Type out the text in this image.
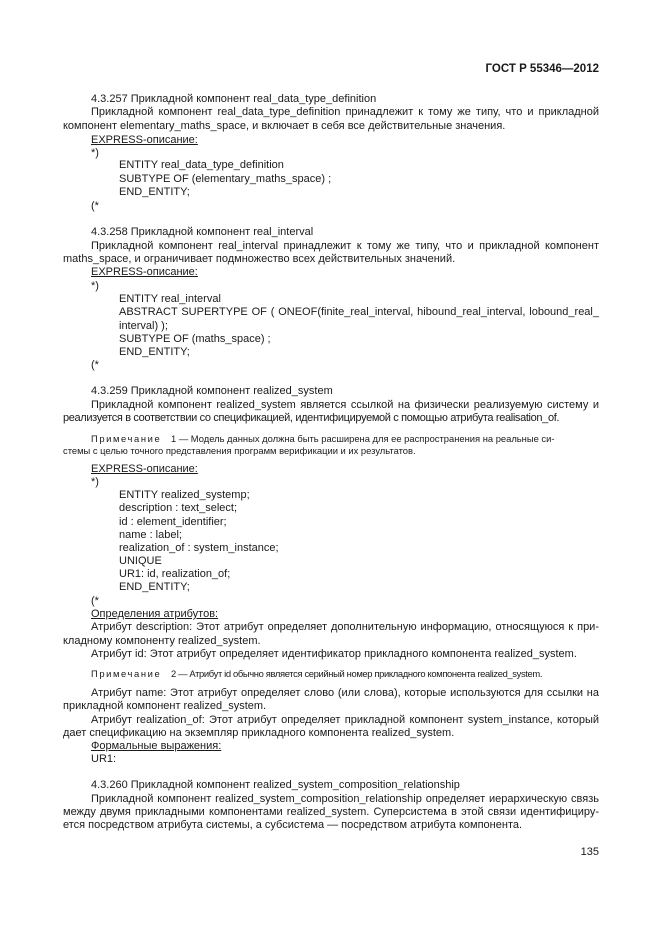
ГОСТ Р 55346—2012
4.3.257 Прикладной компонент real_data_type_definition
Прикладной компонент real_data_type_definition принадлежит к тому же типу, что и прикладной
компонент elementary_maths_space, и включает в себя все действительные значения.
EXPRESS-описание:
*)
ENTITY real_data_type_definition
SUBTYPE OF (elementary_maths_space) ;
END_ENTITY;
(*
4.3.258 Прикладной компонент real_interval
Прикладной компонент real_interval принадлежит к тому же типу, что и прикладной компонент
maths_space, и ограничивает подмножество всех действительных значений.
EXPRESS-описание:
*)
ENTITY real_interval
ABSTRACT SUPERTYPE OF ( ONEOF(finite_real_interval, hibound_real_interval, lobound_real_
interval) );
SUBTYPE OF (maths_space) ;
END_ENTITY;
(*
4.3.259 Прикладной компонент realized_system
Прикладной компонент realized_system является ссылкой на физически реализуемую систему и
реализуется в соответствии со спецификацией, идентифицируемой с помощью атрибута realisation_of.
Примечание 1 — Модель данных должна быть расширена для ее распространения на реальные си-
стемы с целью точного представления программ верификации и их результатов.
EXPRESS-описание:
*)
ENTITY realized_systemр;
description : text_select;
id : element_identifier;
name : label;
realization_of : system_instance;
UNIQUE
UR1: id, realization_of;
END_ENTITY;
(*
Определения атрибутов:
Атрибут description: Этот атрибут определяет дополнительную информацию, относящуюся к при-
кладному компоненту realized_system.
Атрибут id: Этот атрибут определяет идентификатор прикладного компонента realized_system.
Примечание 2 — Атрибут id обычно является серийный номер прикладного компонента realized_system.
Атрибут name: Этот атрибут определяет слово (или слова), которые используются для ссылки на
прикладной компонент realized_system.
Атрибут realization_of: Этот атрибут определяет прикладной компонент system_instance, который
дает спецификацию на экземпляр прикладного компонента realized_system.
Формальные выражения:
UR1:
4.3.260 Прикладной компонент realized_system_composition_relationship
Прикладной компонент realized_system_composition_relationship определяет иерархическую связь
между двумя прикладными компонентами realized_system. Суперсистема в этой связи идентифициру-
ется посредством атрибута системы, а субсистема — посредством атрибута компонента.
135
